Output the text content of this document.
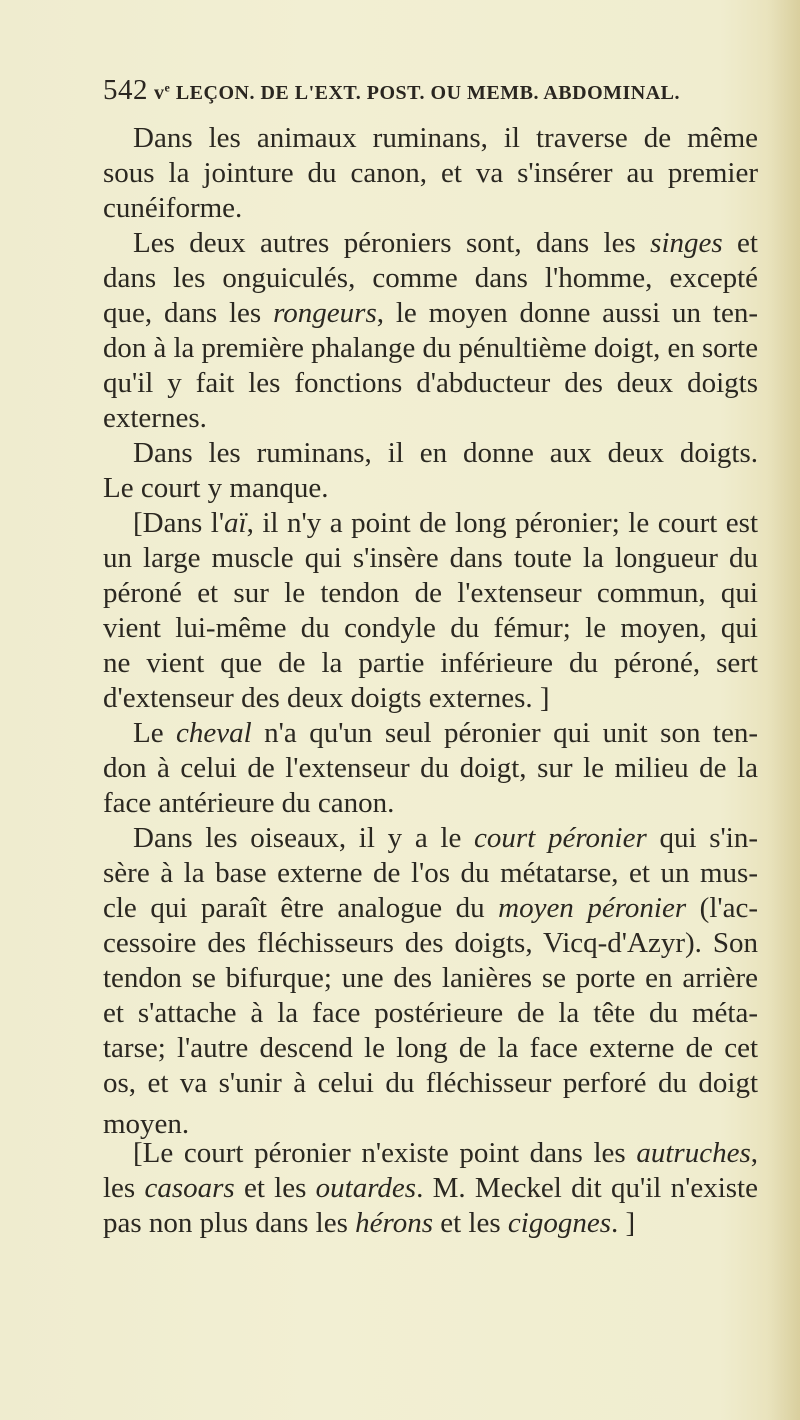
542 $v^e$ LEÇON. DE L'EXT. POST. OU MEMB. ABDOMINAL.
Dans les animaux ruminans, il traverse de même
sous la jointure du canon, et va s'insérer au premier
cunéiforme.
Les deux autres péroniers sont, dans les singes et
dans les onguiculés, comme dans l'homme, excepté
que, dans les rongeurs, le moyen donne aussi un ten-
don à la première phalange du pénultième doigt, en sorte
qu'il y fait les fonctions d'abducteur des deux doigts
externes.
Dans les ruminans, il en donne aux deux doigts.
Le court y manque.
[Dans l'aï, il n'y a point de long péronier; le court est
un large muscle qui s'insère dans toute la longueur du
péroné et sur le tendon de l'extenseur commun, qui
vient lui-même du condyle du fémur; le moyen, qui
ne vient que de la partie inférieure du péroné, sert
d'extenseur des deux doigts externes. ]
Le cheval n'a qu'un seul péronier qui unit son ten-
don à celui de l'extenseur du doigt, sur le milieu de la
face antérieure du canon.
Dans les oiseaux, il y a le court péronier qui s'in-
sère à la base externe de l'os du métatarse, et un mus-
cle qui paraît être analogue du moyen péronier (l'ac-
cessoire des fléchisseurs des doigts, Vicq-d'Azyr). Son
tendon se bifurque; une des lanières se porte en arrière
et s'attache à la face postérieure de la tête du méta-
tarse; l'autre descend le long de la face externe de cet
os, et va s'unir à celui du fléchisseur perforé du doigt
moyen.
[Le court péronier n'existe point dans les autruches,
les casoars et les outardes. M. Meckel dit qu'il n'existe
pas non plus dans les hérons et les cigognes. ]
